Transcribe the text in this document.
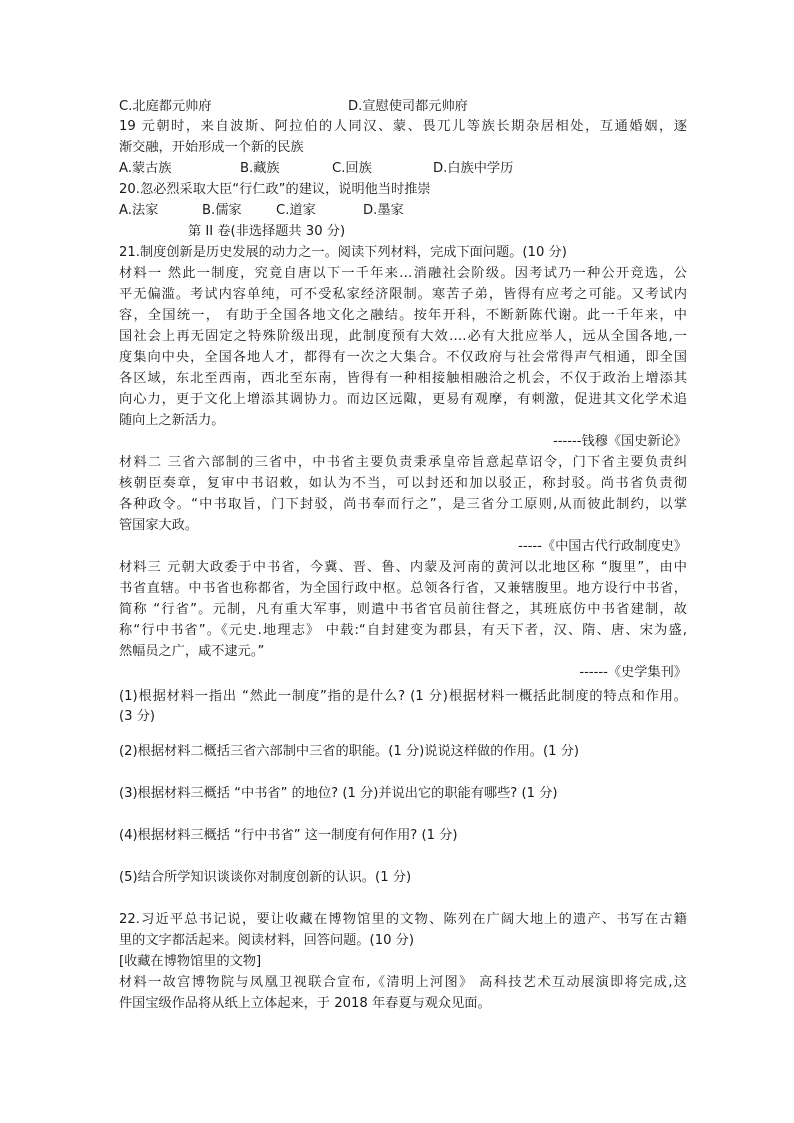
C.北庭都元帅府	D.宣慰使司都元帅府
19 元朝时，来自波斯、阿拉伯的人同汉、蒙、畏兀儿等族长期杂居相处，互通婚姻，逐
渐交融，开始形成一个新的民族
A.蒙古族	B.藏族	C.回族	D.白族中学历
20.忽必烈采取大臣“行仁政”的建议，说明他当时推崇
A.法家	B.儒家	C.道家	D.墨家
第 II 卷(非选择题共 30 分)
21.制度创新是历史发展的动力之一。阅读下列材料，完成下面问题。(10 分)
材料一 然此一制度，究竟自唐以下一千年来…消融社会阶级。因考试乃一种公开竞选，公
平无偏滥。考试内容单纯，可不受私家经济限制。寒苦子弟，皆得有应考之可能。又考试内
容，全国统一， 有助于全国各地文化之融结。按年开科，不断新陈代谢。此一千年来，中
国社会上再无固定之特殊阶级出现，此制度预有大效….必有大批应举人，远从全国各地,一
度集向中央，全国各地人才，都得有一次之大集合。不仅政府与社会常得声气相通，即全国
各区域，东北至西南，西北至东南，皆得有一种相接触相融洽之机会，不仅于政治上增添其
向心力，更于文化上增添其调协力。而边区远陬，更易有观摩，有刺激，促进其文化学术追
随向上之新活力。
------钱穆《国史新论》
材料二 三省六部制的三省中，中书省主要负责秉承皇帝旨意起草诏令，门下省主要负责纠
核朝臣奏章，复审中书诏敕，如认为不当，可以封还和加以驳正，称封驳。尚书省负责彻
各种政令。“中书取旨，门下封驳，尚书奉而行之”，是三省分工原则,从而彼此制约，以掌
管国家大政。
-----《中国古代行政制度史》
材料三 元朝大政委于中书省，今冀、晋、鲁、内蒙及河南的黄河以北地区称 “腹里”，由中
书省直辖。中书省也称都省，为全国行政中枢。总领各行省，又兼辖腹里。地方设行中书省，
简称 “行省”。元制，凡有重大军事，则遣中书省官员前往督之，其班底仿中书省建制，故
称“行中书省”。《元史.地理志》 中载:“自封建变为郡县，有天下者，汉、隋、唐、宋为盛,
然幅员之广，咸不逮元。”
------《史学集刊》
(1)根据材料一指出 “然此一制度”指的是什么? (1 分)根据材料一概括此制度的特点和作用。
(3 分)
(2)根据材料二概括三省六部制中三省的职能。(1 分)说说这样做的作用。(1 分)
(3)根据材料三概括 “中书省” 的地位? (1 分)并说出它的职能有哪些? (1 分)
(4)根据材料三概括 “行中书省” 这一制度有何作用? (1 分)
(5)结合所学知识谈谈你对制度创新的认识。(1 分)
22.习近平总书记说，要让收藏在博物馆里的文物、陈列在广阔大地上的遗产、书写在古籍
里的文字都活起来。阅读材料，回答问题。(10 分)
[收藏在博物馆里的文物]
材料一故宫博物院与凤凰卫视联合宣布,《清明上河图》 高科技艺术互动展演即将完成,这
件国宝级作品将从纸上立体起来，于 2018 年春夏与观众见面。
